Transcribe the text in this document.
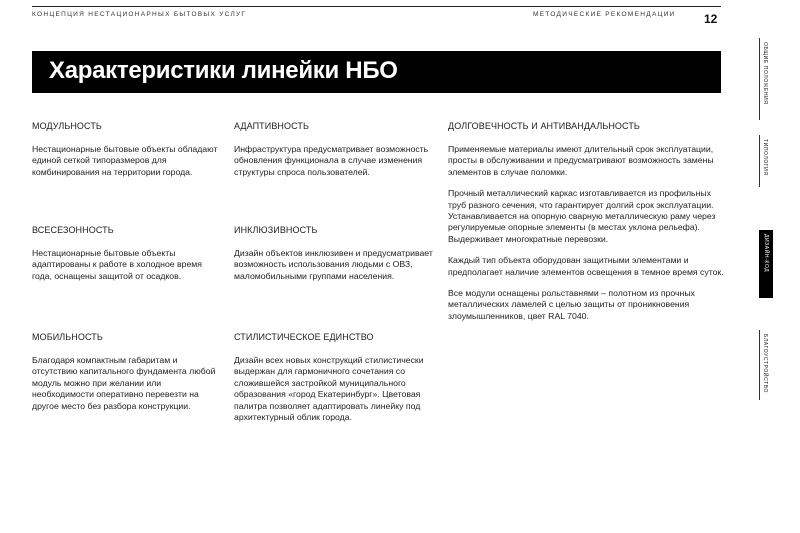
КОНЦЕПЦИЯ НЕСТАЦИОНАРНЫХ БЫТОВЫХ УСЛУГ	МЕТОДИЧЕСКИЕ РЕКОМЕНДАЦИИ 12
Характеристики линейки НБО
МОДУЛЬНОСТЬ

Нестационарные бытовые объекты обладают единой сеткой типоразмеров для комбинирования на территории города.

ВСЕСЕЗОННОСТЬ

Нестационарные бытовые объекты адаптированы к работе в холодное время года, оснащены защитой от осадков.

МОБИЛЬНОСТЬ

Благодаря компактным габаритам и отсутствию капитального фундамента любой модуль можно при желании или необходимости оперативно перевезти на другое место без разбора конструкции.

АДАПТИВНОСТЬ

Инфраструктура предусматривает возможность обновления функционала в случае изменения структуры спроса пользователей.

ИНКЛЮЗИВНОСТЬ

Дизайн объектов инклюзивен и предусматривает возможность использования людьми с ОВЗ, маломобильными группами населения.

СТИЛИСТИЧЕСКОЕ ЕДИНСТВО

Дизайн всех новых конструкций стилистически выдержан для гармоничного сочетания со сложившейся застройкой муниципального образования «город Екатеринбург». Цветовая палитра позволяет адаптировать линейку под архитектурный облик города.

ДОЛГОВЕЧНОСТЬ И АНТИВАНДАЛЬНОСТЬ

Применяемые материалы имеют длительный срок эксплуатации, просты в обслуживании и предусматривают возможность замены элементов в случае поломки.

Прочный металлический каркас изготавливается из профильных труб разного сечения, что гарантирует долгий срок эксплуатации. Устанавливается на опорную сварную металлическую раму через регулируемые опорные элементы (в местах уклона рельефа). Выдерживает многократные перевозки.

Каждый тип объекта оборудован защитными элементами и предполагает наличие элементов освещения в темное время суток.

Все модули оснащены рольставнями – полотном из прочных металлических ламелей с целью защиты от проникновения злоумышленников, цвет RAL 7040.

ОБЩИЕ ПОЛОЖЕНИЯ
ТИПОЛОГИЯ
ДИЗАЙН-КОД
БЛАГОУСТРОЙСТВО
